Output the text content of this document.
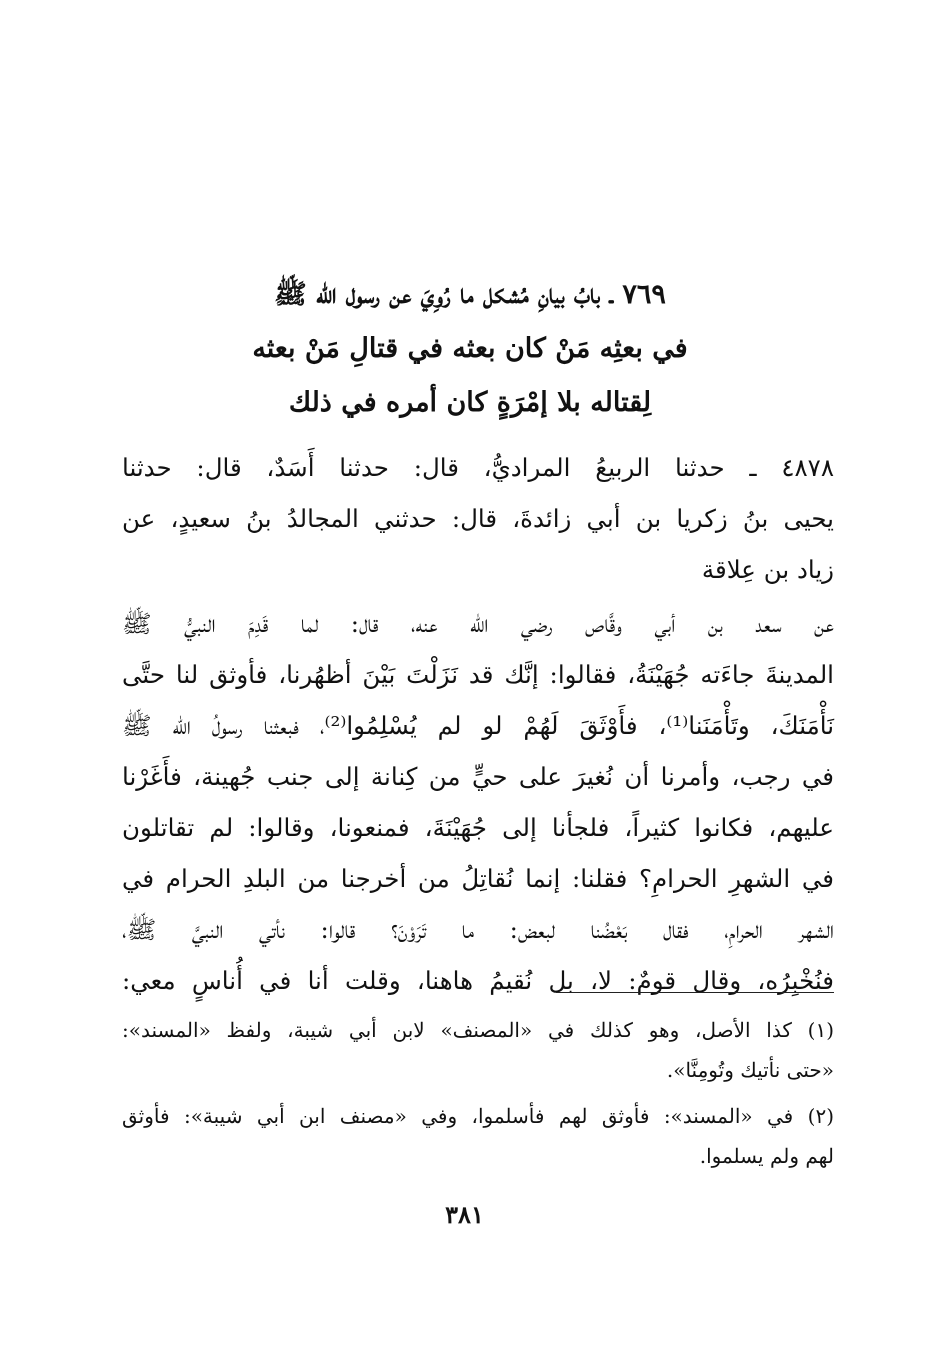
٧٦٩ ـ بابُ بيانِ مُشكل ما رُوِيَ عن رسول الله ﷺ
في بعثِه مَنْ كان بعثه في قتالِ مَنْ بعثه
لِقتاله بلا إمْرَةٍ كان أمره في ذلك
٤٨٧٨ ـ حدثنا الربيعُ المراديُّ، قال: حدثنا أَسَدٌ، قال: حدثنا
يحيى بنُ زكريا بن أبي زائدةَ، قال: حدثني المجالدُ بنُ سعيدٍ، عن
زياد بن عِلاقة
عن سعد بن أبي وقَّاص رضي الله عنه، قال: لما قَدِمَ النبيُّ ﷺ
المدينةَ جاءَته جُهَيْنَةُ، فقالوا: إنَّك قد نَزَلْتَ بَيْنَ أظهُرنا، فأوثق لنا حتَّى
نَأْمَنَكَ، وتَأْمَنَنا⁽¹⁾، فأَوْثَقَ لَهُمْ لو لم يُسْلِمُوا⁽²⁾، فبعثنا رسولُ الله ﷺ
في رجب، وأمرنا أن نُغيرَ على حيٍّ من كِنانة إلى جنب جُهينة، فأَغَرْنا
عليهم، فكانوا كثيراً، فلجأنا إلى جُهَيْنَةَ، فمنعونا، وقالوا: لم تقاتلون
في الشهرِ الحرامِ؟ فقلنا: إنما نُقاتِلُ من أخرجنا من البلدِ الحرام في
الشهر الحرامِ، فقال بَعْضُنا لبعض: ما تَرَوْنَ؟ قالوا: نأتي النبيَّ ﷺ،
فنُخْبِرُه، وقال قومٌ: لا، بل نُقيمُ هاهنا، وقلت أنا في أُناسٍ معي:
(١) كذا الأصل، وهو كذلك في «المصنف» لابن أبي شيبة، ولفظ «المسند»:
«حتى نأتيك وتُومِنَّا».
(٢) في «المسند»: فأوثق لهم فأسلموا، وفي «مصنف ابن أبي شيبة»: فأوثق
لهم ولم يسلموا.
٣٨١
